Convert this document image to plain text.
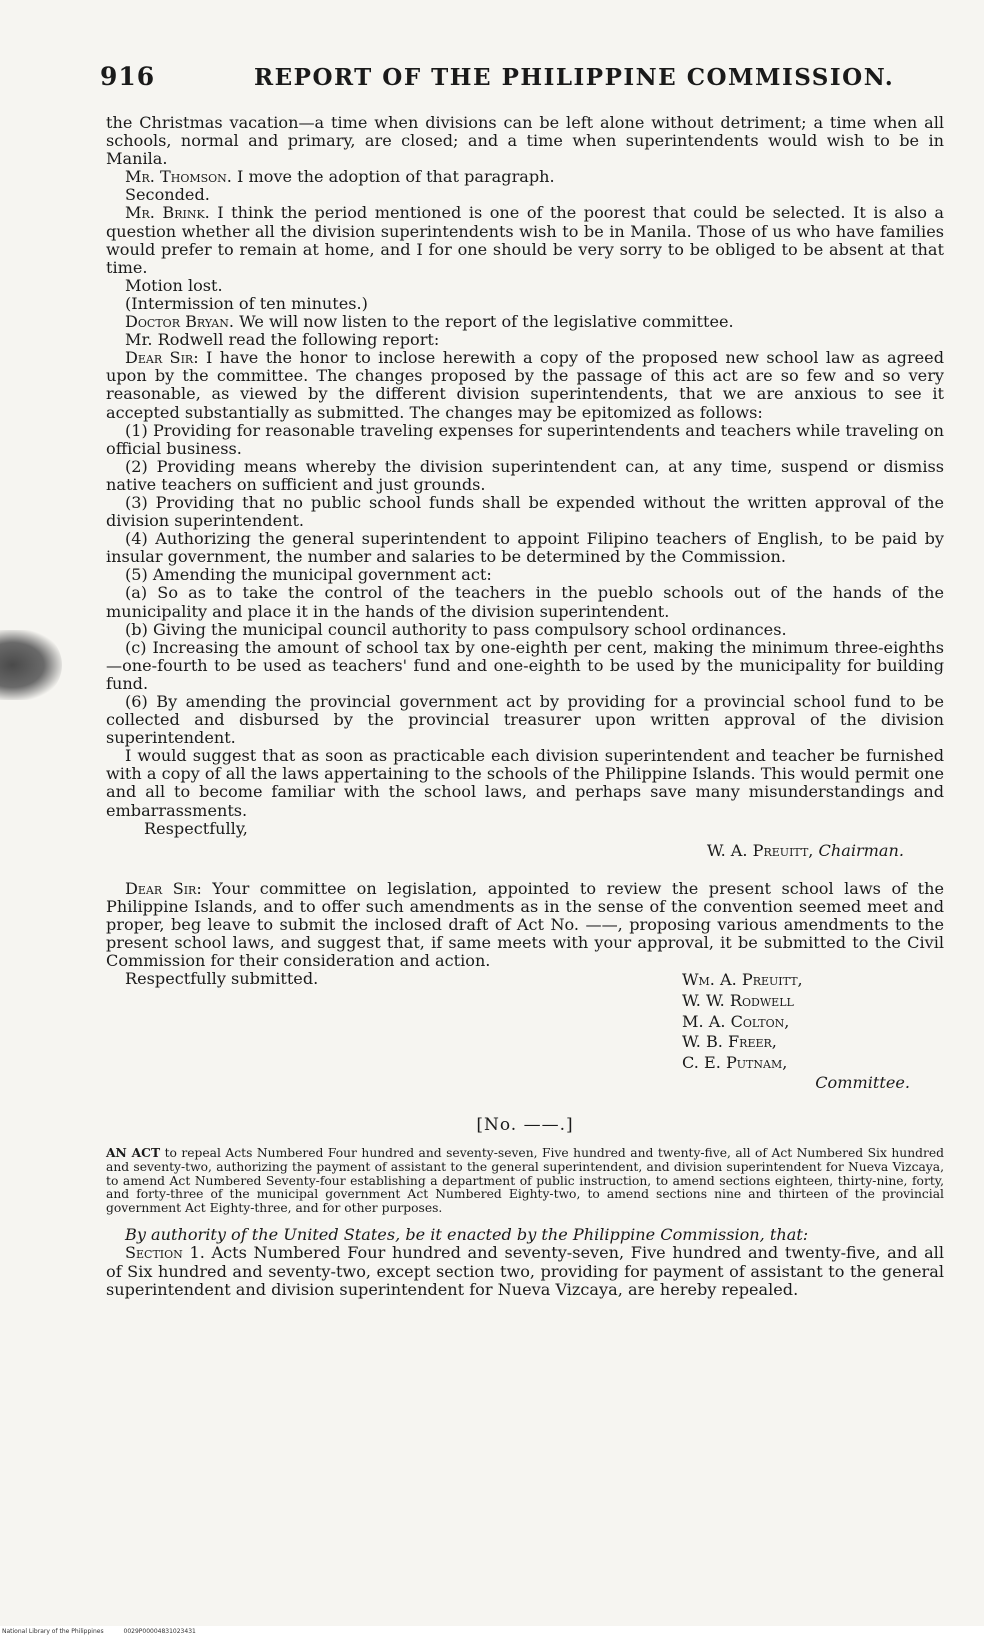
916	REPORT OF THE PHILIPPINE COMMISSION.

the Christmas vacation—a time when divisions can be left alone without detriment; a time when all schools, normal and primary, are closed; and a time when superintendents would wish to be in Manila.

Mr. Thomson. I move the adoption of that paragraph.

Seconded.

Mr. Brink. I think the period mentioned is one of the poorest that could be selected. It is also a question whether all the division superintendents wish to be in Manila. Those of us who have families would prefer to remain at home, and I for one should be very sorry to be obliged to be absent at that time.

Motion lost.

(Intermission of ten minutes.)

Doctor Bryan. We will now listen to the report of the legislative committee.

Mr. Rodwell read the following report:

Dear Sir: I have the honor to inclose herewith a copy of the proposed new school law as agreed upon by the committee. The changes proposed by the passage of this act are so few and so very reasonable, as viewed by the different division superintendents, that we are anxious to see it accepted substantially as submitted. The changes may be epitomized as follows:

(1) Providing for reasonable traveling expenses for superintendents and teachers while traveling on official business.

(2) Providing means whereby the division superintendent can, at any time, suspend or dismiss native teachers on sufficient and just grounds.

(3) Providing that no public school funds shall be expended without the written approval of the division superintendent.

(4) Authorizing the general superintendent to appoint Filipino teachers of English, to be paid by insular government, the number and salaries to be determined by the Commission.

(5) Amending the municipal government act:

(a) So as to take the control of the teachers in the pueblo schools out of the hands of the municipality and place it in the hands of the division superintendent.

(b) Giving the municipal council authority to pass compulsory school ordinances.

(c) Increasing the amount of school tax by one-eighth per cent, making the minimum three-eighths—one-fourth to be used as teachers' fund and one-eighth to be used by the municipality for building fund.

(6) By amending the provincial government act by providing for a provincial school fund to be collected and disbursed by the provincial treasurer upon written approval of the division superintendent.

I would suggest that as soon as practicable each division superintendent and teacher be furnished with a copy of all the laws appertaining to the schools of the Philippine Islands. This would permit one and all to become familiar with the school laws, and perhaps save many misunderstandings and embarrassments.

Respectfully,

W. A. Preuitt, Chairman.

Dear Sir: Your committee on legislation, appointed to review the present school laws of the Philippine Islands, and to offer such amendments as in the sense of the convention seemed meet and proper, beg leave to submit the inclosed draft of Act No. ——, proposing various amendments to the present school laws, and suggest that, if same meets with your approval, it be submitted to the Civil Commission for their consideration and action.

Respectfully submitted.	Wm. A. Preuitt,
W. W. Rodwell
M. A. Colton,
W. B. Freer,
C. E. Putnam,
Committee.
[No. ——.]
AN ACT to repeal Acts Numbered Four hundred and seventy-seven, Five hundred and twenty-five, all of Act Numbered Six hundred and seventy-two, authorizing the payment of assistant to the general superintendent, and division superintendent for Nueva Vizcaya, to amend Act Numbered Seventy-four establishing a department of public instruction, to amend sections eighteen, thirty-nine, forty, and forty-three of the municipal government Act Numbered Eighty-two, to amend sections nine and thirteen of the provincial government Act Eighty-three, and for other purposes.

By authority of the United States, be it enacted by the Philippine Commission, that:

Section 1. Acts Numbered Four hundred and seventy-seven, Five hundred and twenty-five, and all of Six hundred and seventy-two, except section two, providing for payment of assistant to the general superintendent and division superintendent for Nueva Vizcaya, are hereby repealed.

National Library of the Philippines	0029P00004831023431
